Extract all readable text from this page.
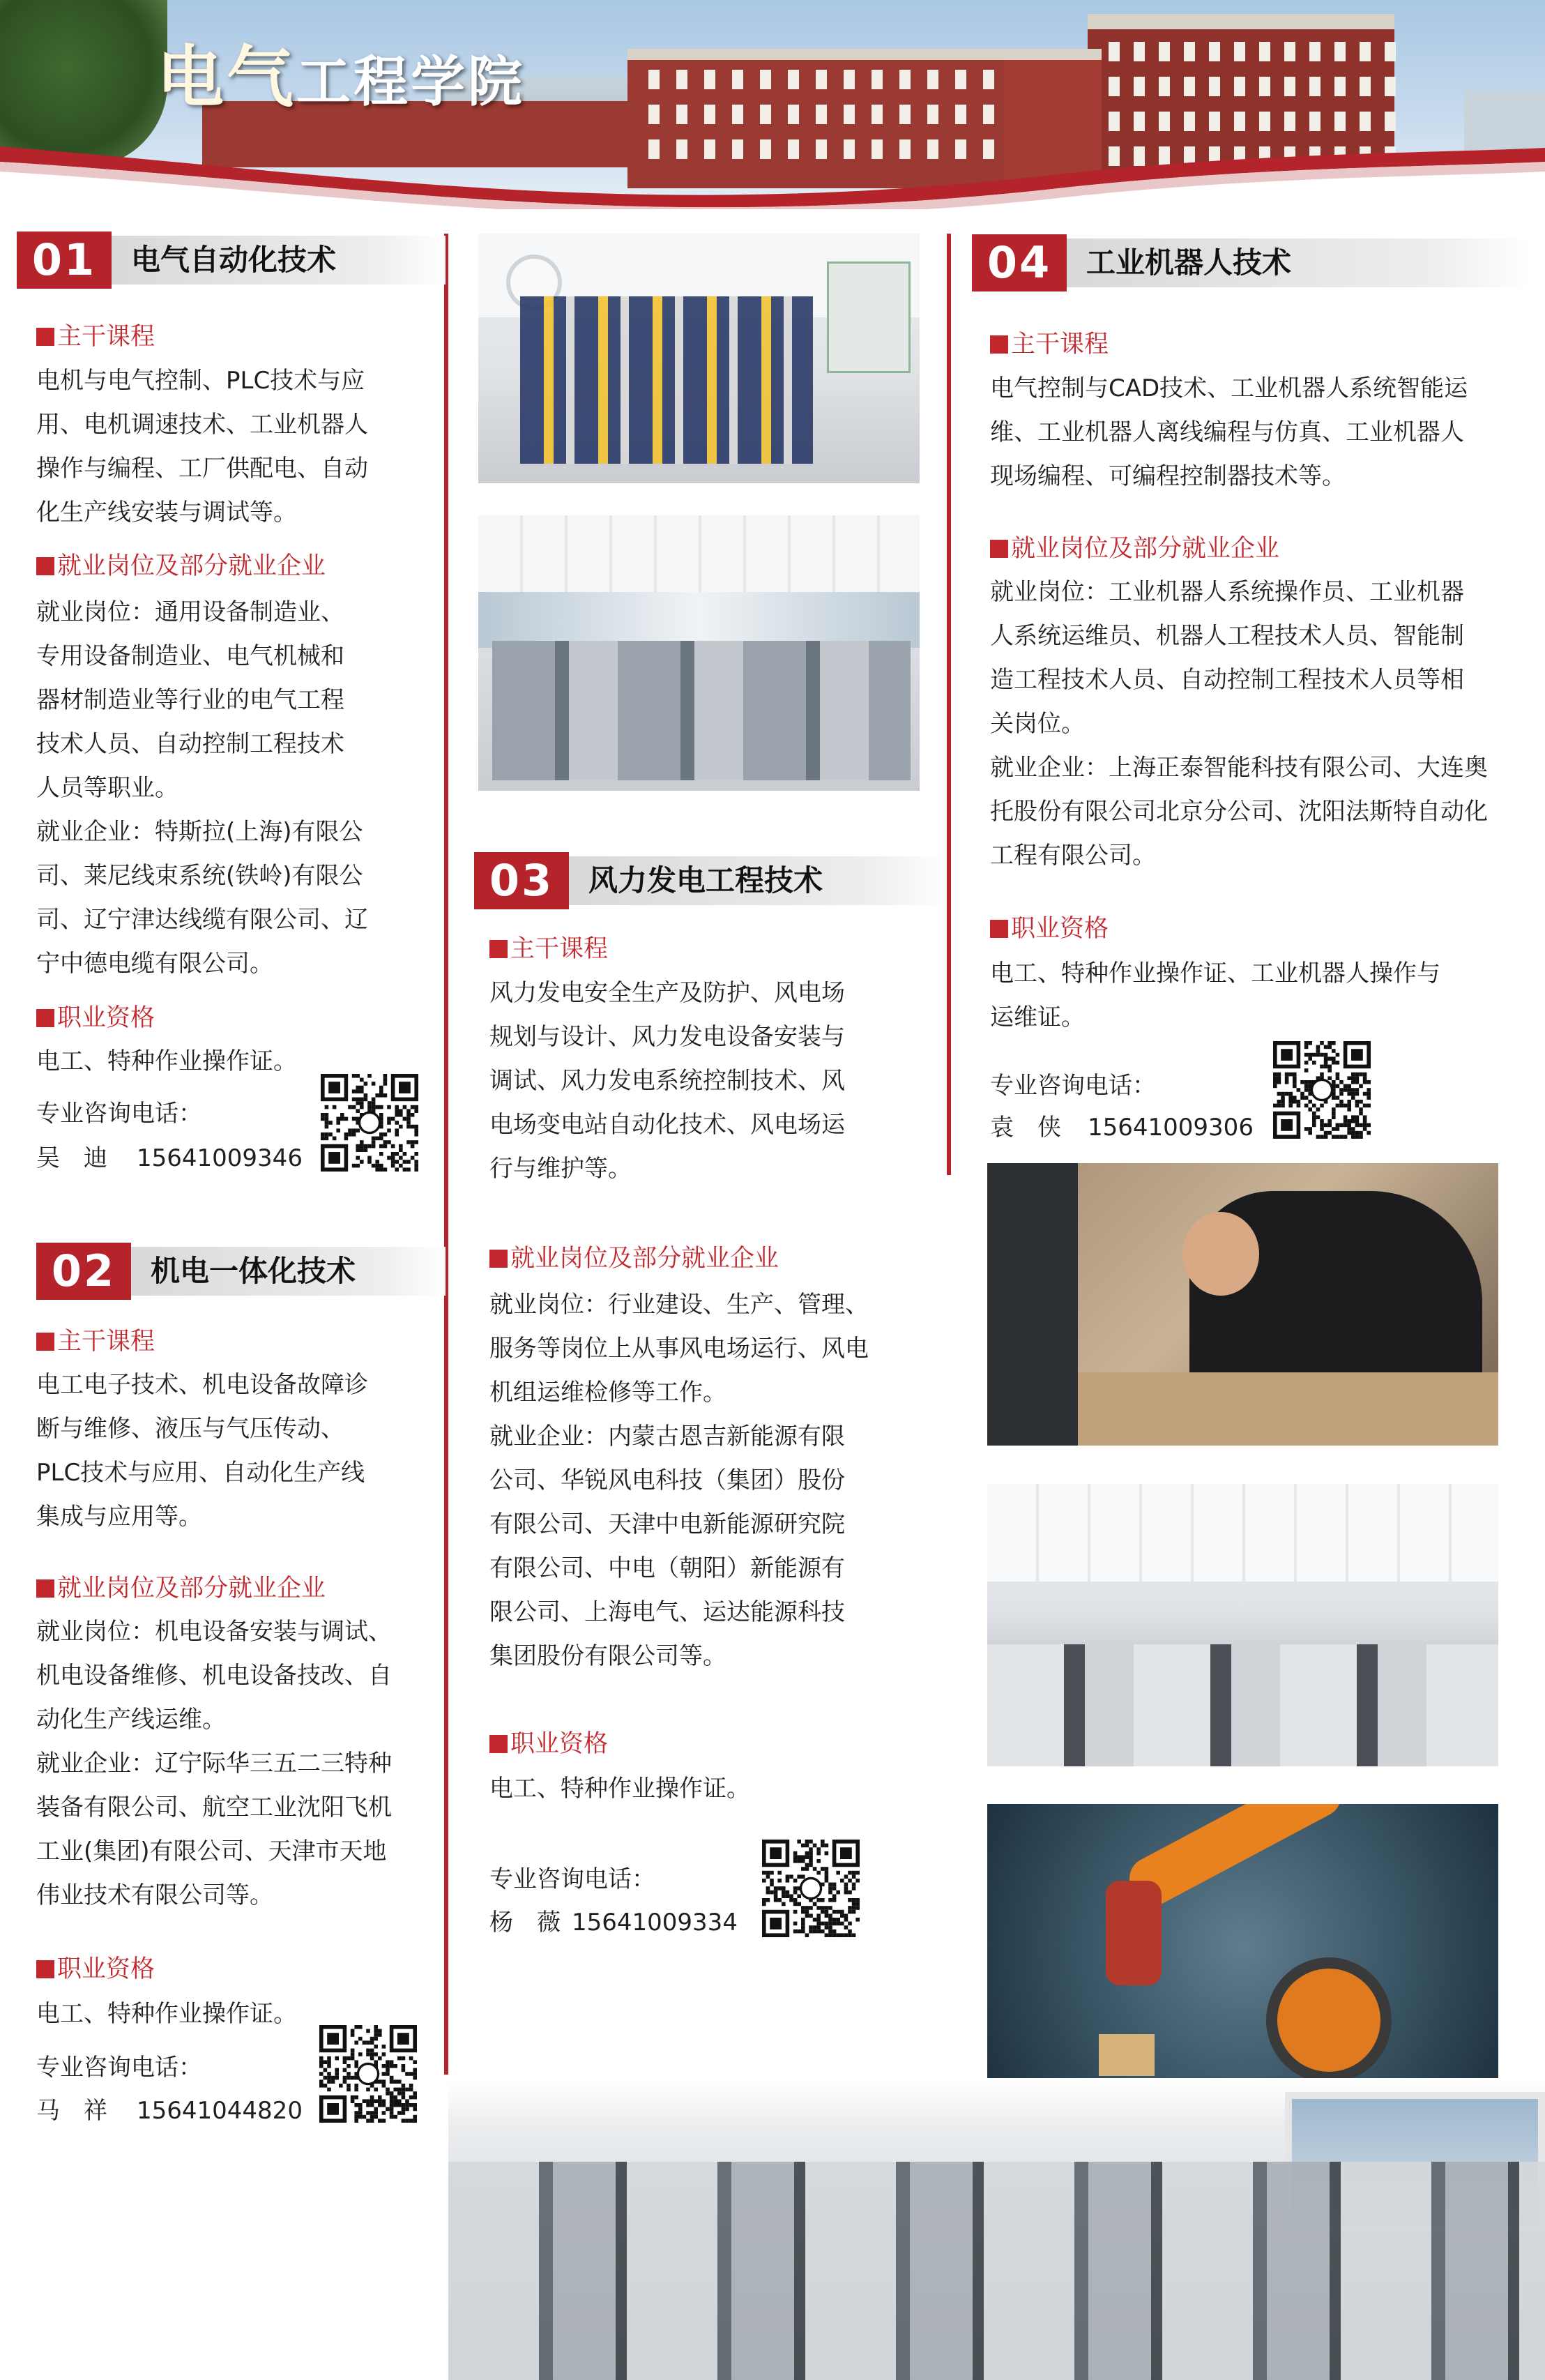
电气工程学院
01	电气自动化技术
主干课程
电机与电气控制、PLC技术与应
用、电机调速技术、工业机器人
操作与编程、工厂供配电、自动
化生产线安装与调试等。
就业岗位及部分就业企业
就业岗位：通用设备制造业、
专用设备制造业、电气机械和
器材制造业等行业的电气工程
技术人员、自动控制工程技术
人员等职业。
就业企业：特斯拉(上海)有限公
司、莱尼线束系统(铁岭)有限公
司、辽宁津达线缆有限公司、辽
宁中德电缆有限公司。
职业资格
电工、特种作业操作证。
专业咨询电话：
吴　迪 15641009346
02	机电一体化技术
主干课程
电工电子技术、机电设备故障诊
断与维修、液压与气压传动、
PLC技术与应用、自动化生产线
集成与应用等。
就业岗位及部分就业企业
就业岗位：机电设备安装与调试、
机电设备维修、机电设备技改、自
动化生产线运维。
就业企业：辽宁际华三五二三特种
装备有限公司、航空工业沈阳飞机
工业(集团)有限公司、天津市天地
伟业技术有限公司等。
职业资格
电工、特种作业操作证。
专业咨询电话：
马　祥 15641044820
03	风力发电工程技术
主干课程
风力发电安全生产及防护、风电场
规划与设计、风力发电设备安装与
调试、风力发电系统控制技术、风
电场变电站自动化技术、风电场运
行与维护等。
就业岗位及部分就业企业
就业岗位：行业建设、生产、管理、
服务等岗位上从事风电场运行、风电
机组运维检修等工作。
就业企业：内蒙古恩吉新能源有限
公司、华锐风电科技（集团）股份
有限公司、天津中电新能源研究院
有限公司、中电（朝阳）新能源有
限公司、上海电气、运达能源科技
集团股份有限公司等。
职业资格
电工、特种作业操作证。
专业咨询电话：
杨　薇 15641009334
04	工业机器人技术
主干课程
电气控制与CAD技术、工业机器人系统智能运
维、工业机器人离线编程与仿真、工业机器人
现场编程、可编程控制器技术等。
就业岗位及部分就业企业
就业岗位：工业机器人系统操作员、工业机器
人系统运维员、机器人工程技术人员、智能制
造工程技术人员、自动控制工程技术人员等相
关岗位。
就业企业：上海正泰智能科技有限公司、大连奥
托股份有限公司北京分公司、沈阳法斯特自动化
工程有限公司。
职业资格
电工、特种作业操作证、工业机器人操作与
运维证。
专业咨询电话：
袁　侠 15641009306
